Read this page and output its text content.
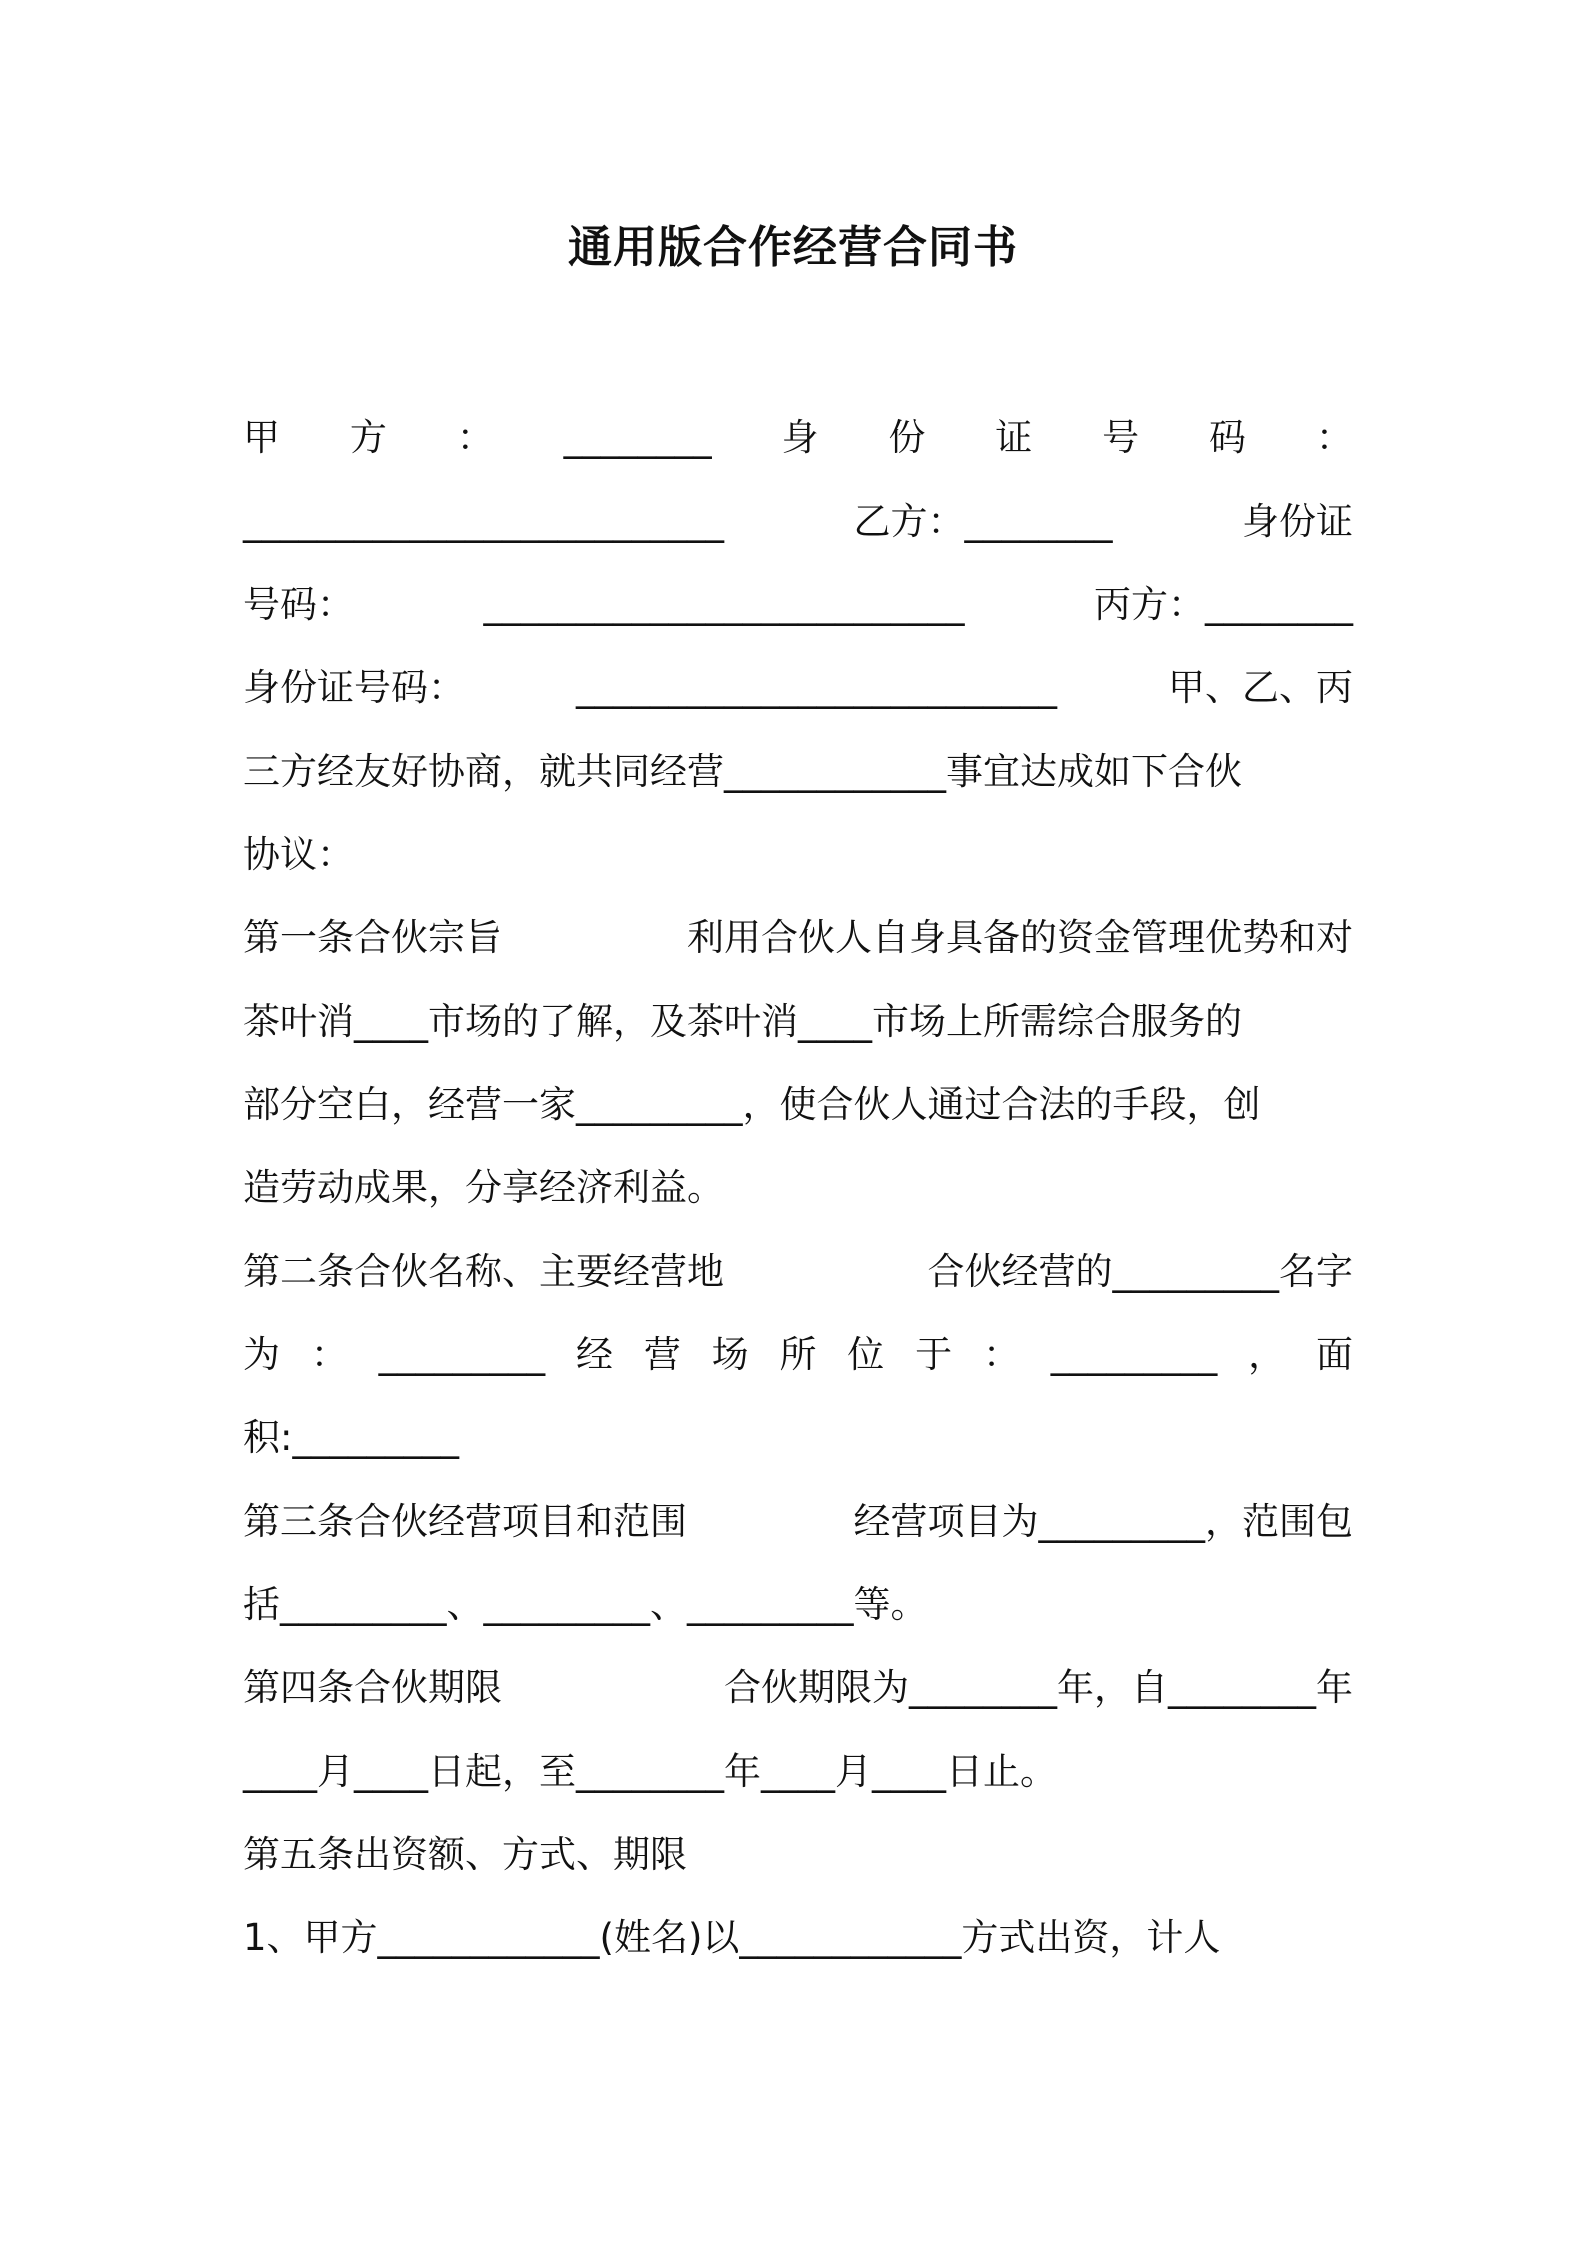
通用版合作经营合同书
甲 方 ： ________ 身 份 证 号 码 ：
__________________________	乙方：________	身份证
号码：	__________________________	丙方：________
身份证号码：	__________________________	甲、乙、丙
三方经友好协商，就共同经营____________事宜达成如下合伙
协议：
第一条合伙宗旨	利用合伙人自身具备的资金管理优势和对
茶叶消____市场的了解，及茶叶消____市场上所需综合服务的
部分空白，经营一家_________，使合伙人通过合法的手段，创
造劳动成果，分享经济利益。
第二条合伙名称、主要经营地	合伙经营的_________名字
为 ： _________ 经 营 场 所 位 于 ： _________ ， 面
积:_________
第三条合伙经营项目和范围	经营项目为_________，范围包
括_________、_________、_________等。
第四条合伙期限	合伙期限为________年，自________年
____月____日起，至________年____月____日止。
第五条出资额、方式、期限
1、甲方____________(姓名)以____________方式出资，计人
